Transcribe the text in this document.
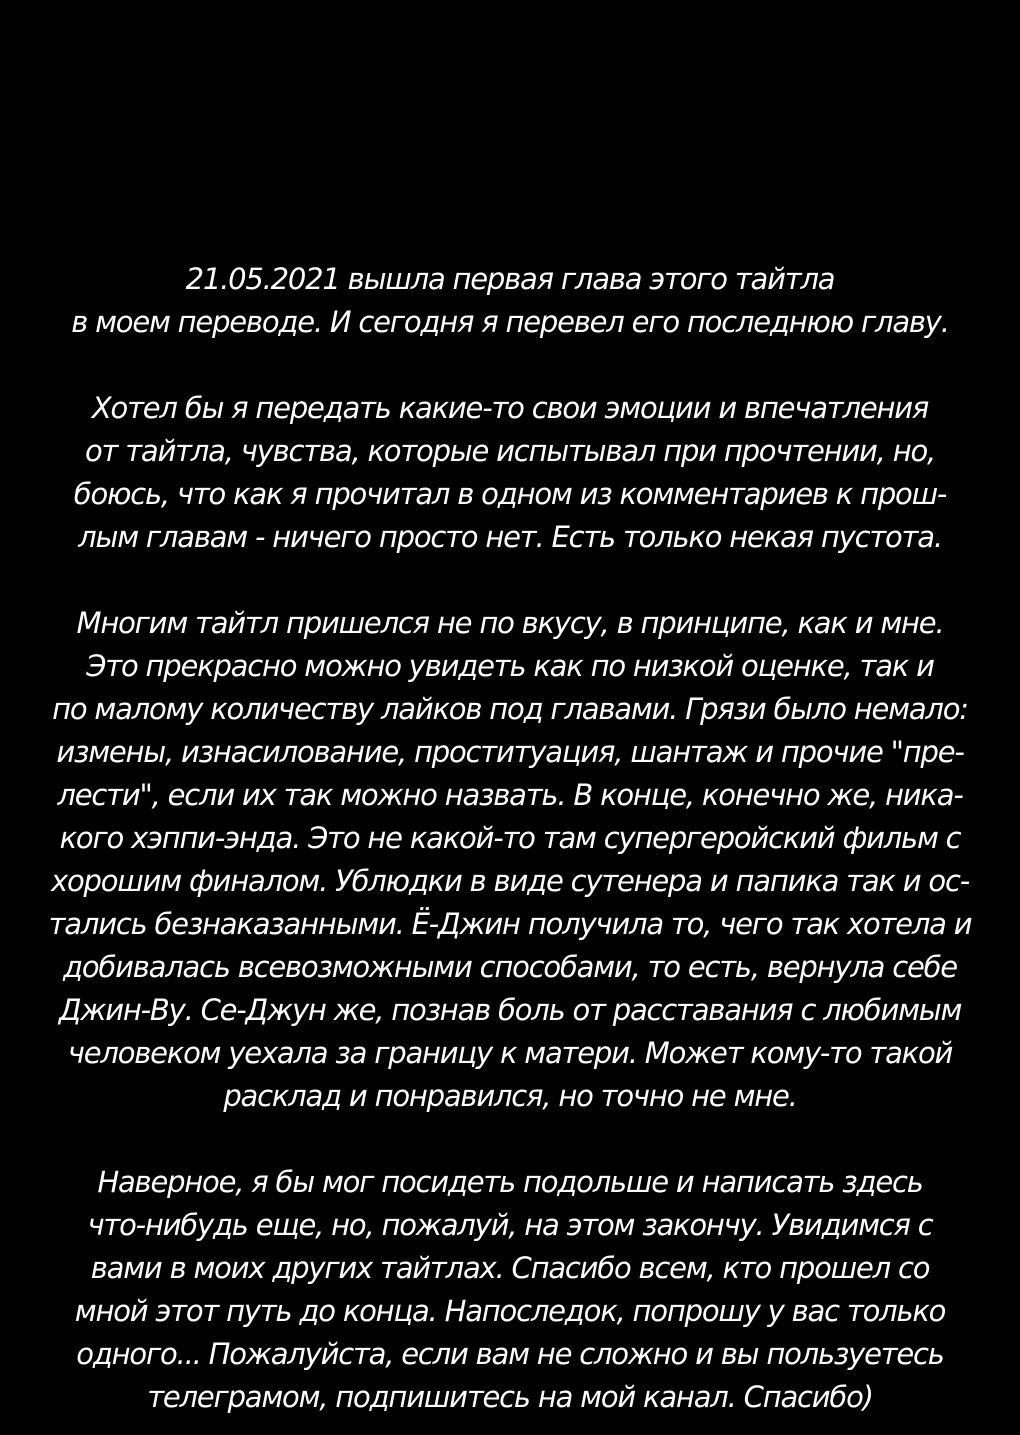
21.05.2021 вышла первая глава этого тайтла
в моем переводе. И сегодня я перевел его последнюю главу.

Хотел бы я передать какие-то свои эмоции и впечатления
от тайтла, чувства, которые испытывал при прочтении, но,
боюсь, что как я прочитал в одном из комментариев к прош-
лым главам - ничего просто нет. Есть только некая пустота.

Многим тайтл пришелся не по вкусу, в принципе, как и мне.
Это прекрасно можно увидеть как по низкой оценке, так и
по малому количеству лайков под главами. Грязи было немало:
измены, изнасилование, проституация, шантаж и прочие "пре-
лести", если их так можно назвать. В конце, конечно же, ника-
кого хэппи-энда. Это не какой-то там супергеройский фильм с
хорошим финалом. Ублюдки в виде сутенера и папика так и ос-
тались безнаказанными. Ё-Джин получила то, чего так хотела и
добивалась всевозможными способами, то есть, вернула себе
Джин-Ву. Се-Джун же, познав боль от расставания с любимым
человеком уехала за границу к матери. Может кому-то такой
расклад и понравился, но точно не мне.

Наверное, я бы мог посидеть подольше и написать здесь
что-нибудь еще, но, пожалуй, на этом закончу. Увидимся с
вами в моих других тайтлах. Спасибо всем, кто прошел со
мной этот путь до конца. Напоследок, попрошу у вас только
одного... Пожалуйста, если вам не сложно и вы пользуетесь
телеграмом, подпишитесь на мой канал. Спасибо)
